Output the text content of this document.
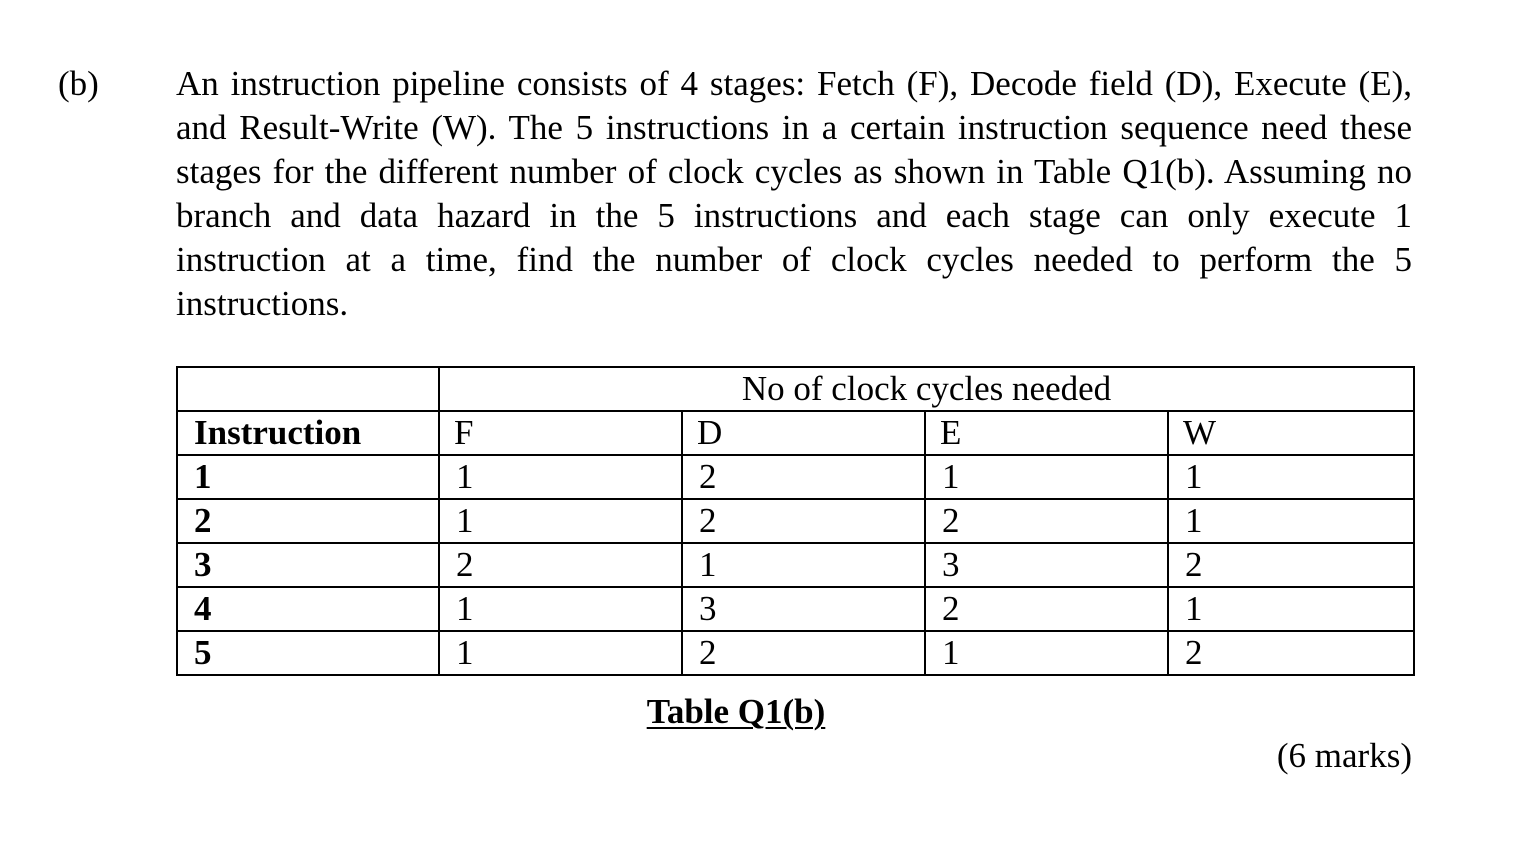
(b) An instruction pipeline consists of 4 stages: Fetch (F), Decode field (D), Execute (E), and Result-Write (W). The 5 instructions in a certain instruction sequence need these stages for the different number of clock cycles as shown in Table Q1(b). Assuming no branch and data hazard in the 5 instructions and each stage can only execute 1 instruction at a time, find the number of clock cycles needed to perform the 5 instructions.
	No of clock cycles needed			
Instruction	F	D	E	W
1	1	2	1	1
2	1	2	2	1
3	2	1	3	2
4	1	3	2	1
5	1	2	1	2
Table Q1(b)
(6 marks)
